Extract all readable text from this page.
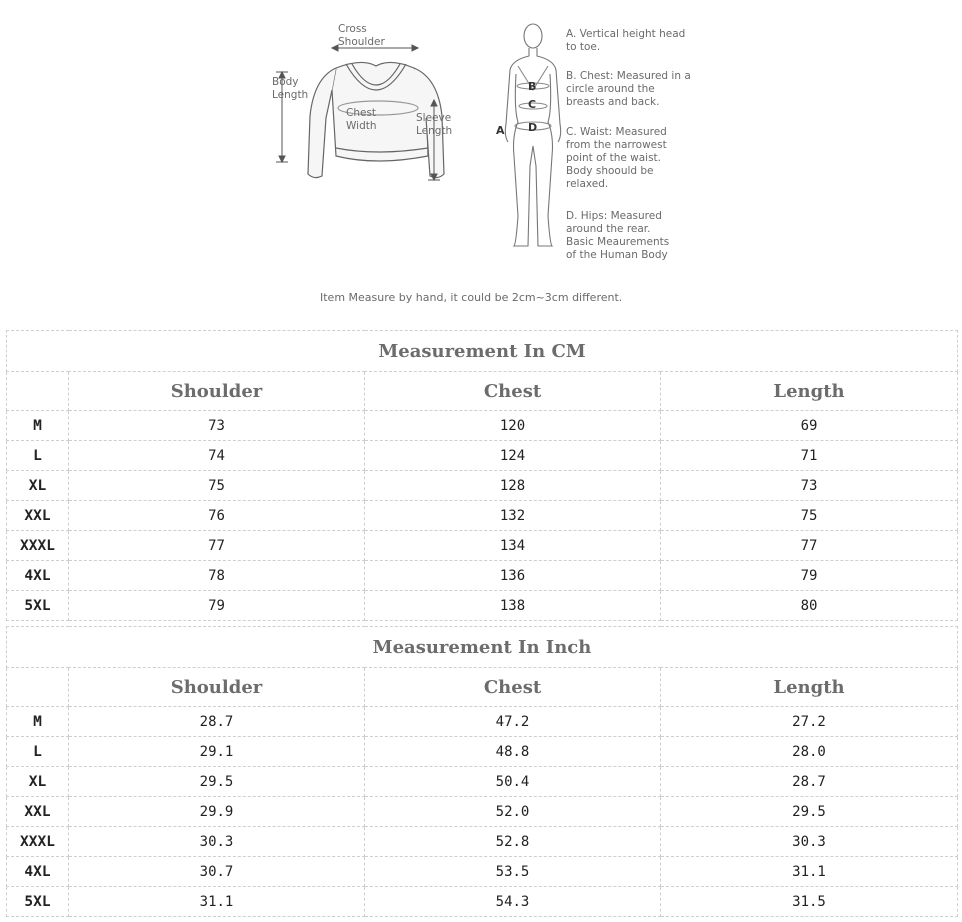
Cross
Shoulder
Body
Length
Chest
Width
Sleeve
Length	A
B
C
D
A. Vertical height head
to toe.
B. Chest: Measured in a
circle around the
breasts and back.
C. Waist: Measured
from the narrowest
point of the waist.
Body shoould be
relaxed.
D. Hips: Measured
around the rear.
Basic Meaurements
of the Human Body
Item Measure by hand, it could be 2cm~3cm different.
Measurement In CM			
	Shoulder	Chest	Length
M	73	120	69
L	74	124	71
XL	75	128	73
XXL	76	132	75
XXXL	77	134	77
4XL	78	136	79
5XL	79	138	80
Measurement In Inch			
	Shoulder	Chest	Length
M	28.7	47.2	27.2
L	29.1	48.8	28.0
XL	29.5	50.4	28.7
XXL	29.9	52.0	29.5
XXXL	30.3	52.8	30.3
4XL	30.7	53.5	31.1
5XL	31.1	54.3	31.5
